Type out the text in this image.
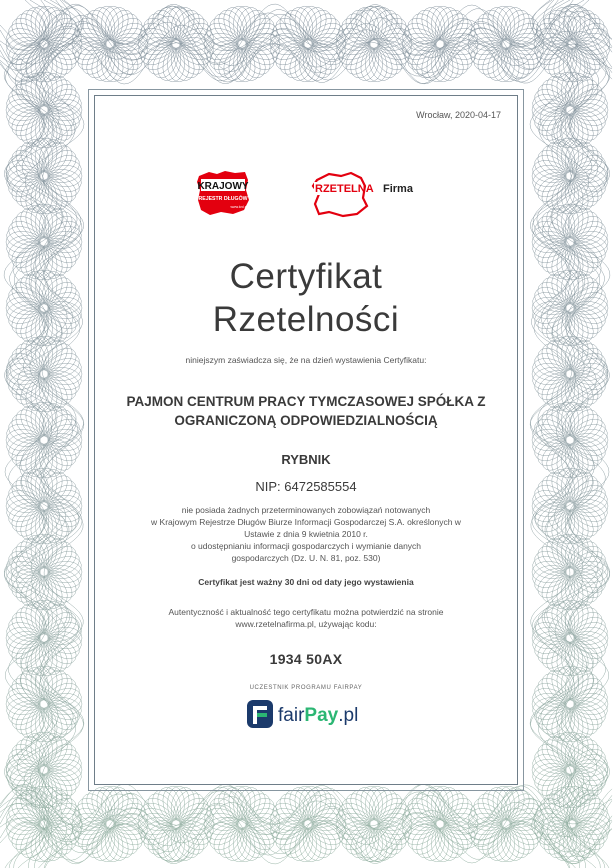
Wrocław, 2020-04-17
KRAJOWY
REJESTR DŁUGÓW
www.krd.pl
RZETELNA Firma
Certyfikat
Rzetelności
niniejszym zaświadcza się, że na dzień wystawienia Certyfikatu:
PAJMON CENTRUM PRACY TYMCZASOWEJ SPÓŁKA Z
OGRANICZONĄ ODPOWIEDZIALNOŚCIĄ
RYBNIK
NIP: 6472585554
nie posiada żadnych przeterminowanych zobowiązań notowanych
w Krajowym Rejestrze Długów Biurze Informacji Gospodarczej S.A. określonych w
Ustawie z dnia 9 kwietnia 2010 r.
o udostępnianiu informacji gospodarczych i wymianie danych
gospodarczych (Dz. U. N. 81, poz. 530)
Certyfikat jest ważny 30 dni od daty jego wystawienia
Autentyczność i aktualność tego certyfikatu można potwierdzić na stronie
www.rzetelnafirma.pl, używając kodu:
1934 50AX
UCZESTNIK PROGRAMU FAIRPAY
fairPay.pl
